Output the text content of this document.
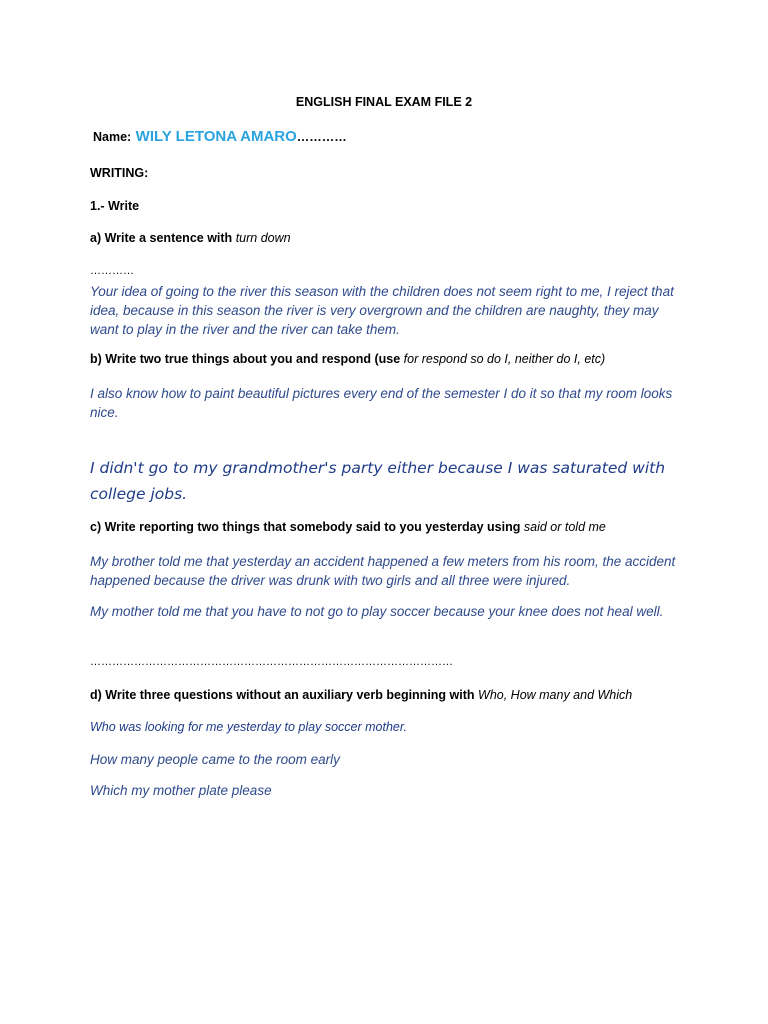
ENGLISH FINAL EXAM FILE 2
Name: WILY LETONA AMARO…………
WRITING:
1.- Write
a) Write a sentence with turn down
…………

Your idea of going to the river this season with the children does not seem right to me, I reject that idea, because in this season the river is very overgrown and the children are naughty, they may want to play in the river and the river can take them.

b) Write two true things about you and respond (use for respond so do I, neither do I, etc)

I also know how to paint beautiful pictures every end of the semester I do it so that my room looks nice.

I didn't go to my grandmother's party either because I was saturated with college jobs.

c) Write reporting two things that somebody said to you yesterday using said or told me

My brother told me that yesterday an accident happened a few meters from his room, the accident happened because the driver was drunk with two girls and all three were injured.

My mother told me that you have to not go to play soccer because your knee does not heal well.

………………………………………………………………………………………
d) Write three questions without an auxiliary verb beginning with Who, How many and Which
Who was looking for me yesterday to play soccer mother.
How many people came to the room early
Which my mother plate please
